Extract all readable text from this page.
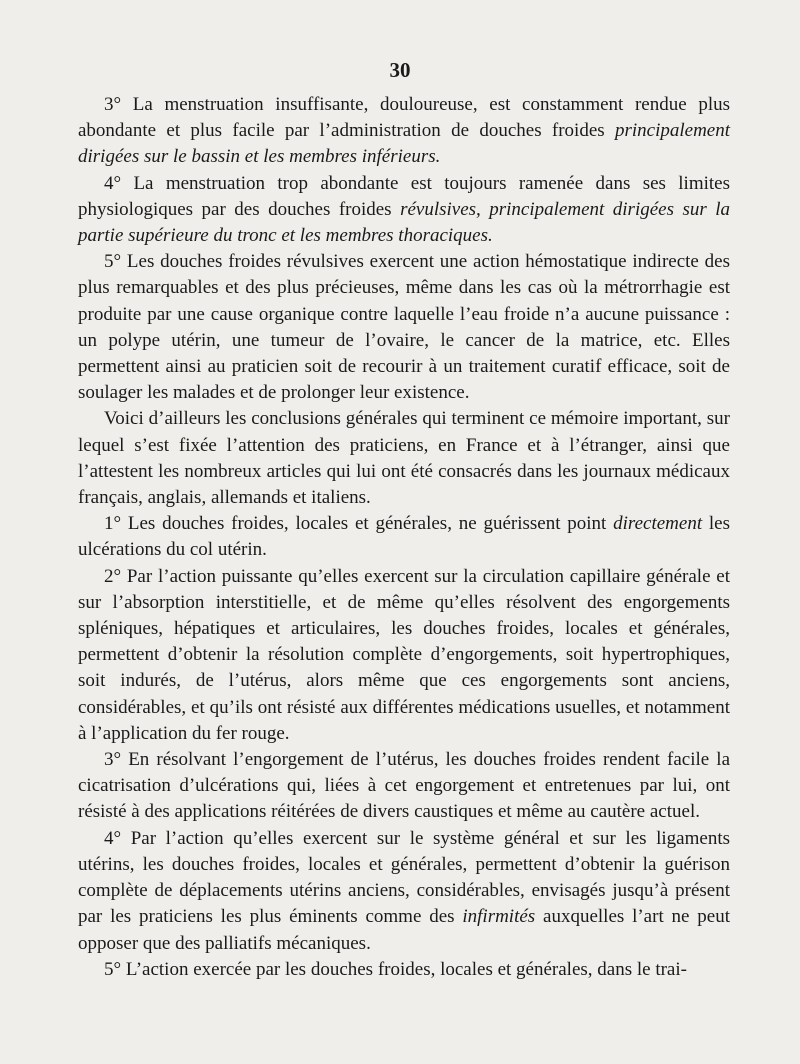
30

3° La menstruation insuffisante, douloureuse, est constamment rendue plus abondante et plus facile par l’administration de douches froides principalement dirigées sur le bassin et les membres inférieurs.

4° La menstruation trop abondante est toujours ramenée dans ses limites physiologiques par des douches froides révulsives, principalement dirigées sur la partie supérieure du tronc et les membres thoraciques.

5° Les douches froides révulsives exercent une action hémostatique indirecte des plus remarquables et des plus précieuses, même dans les cas où la métrorrhagie est produite par une cause organique contre laquelle l’eau froide n’a aucune puissance : un polype utérin, une tumeur de l’ovaire, le cancer de la matrice, etc. Elles permettent ainsi au praticien soit de recourir à un traitement curatif efficace, soit de soulager les malades et de prolonger leur existence.

Voici d’ailleurs les conclusions générales qui terminent ce mémoire important, sur lequel s’est fixée l’attention des praticiens, en France et à l’étranger, ainsi que l’attestent les nombreux articles qui lui ont été consacrés dans les journaux médicaux français, anglais, allemands et italiens.

1° Les douches froides, locales et générales, ne guérissent point directement les ulcérations du col utérin.

2° Par l’action puissante qu’elles exercent sur la circulation capillaire générale et sur l’absorption interstitielle, et de même qu’elles résolvent des engorgements spléniques, hépatiques et articulaires, les douches froides, locales et générales, permettent d’obtenir la résolution complète d’engorgements, soit hypertrophiques, soit indurés, de l’utérus, alors même que ces engorgements sont anciens, considérables, et qu’ils ont résisté aux différentes médications usuelles, et notamment à l’application du fer rouge.

3° En résolvant l’engorgement de l’utérus, les douches froides rendent facile la cicatrisation d’ulcérations qui, liées à cet engorgement et entretenues par lui, ont résisté à des applications réitérées de divers caustiques et même au cautère actuel.

4° Par l’action qu’elles exercent sur le système général et sur les ligaments utérins, les douches froides, locales et générales, permettent d’obtenir la guérison complète de déplacements utérins anciens, considérables, envisagés jusqu’à présent par les praticiens les plus éminents comme des infirmités auxquelles l’art ne peut opposer que des palliatifs mécaniques.

5° L’action exercée par les douches froides, locales et générales, dans le trai-
